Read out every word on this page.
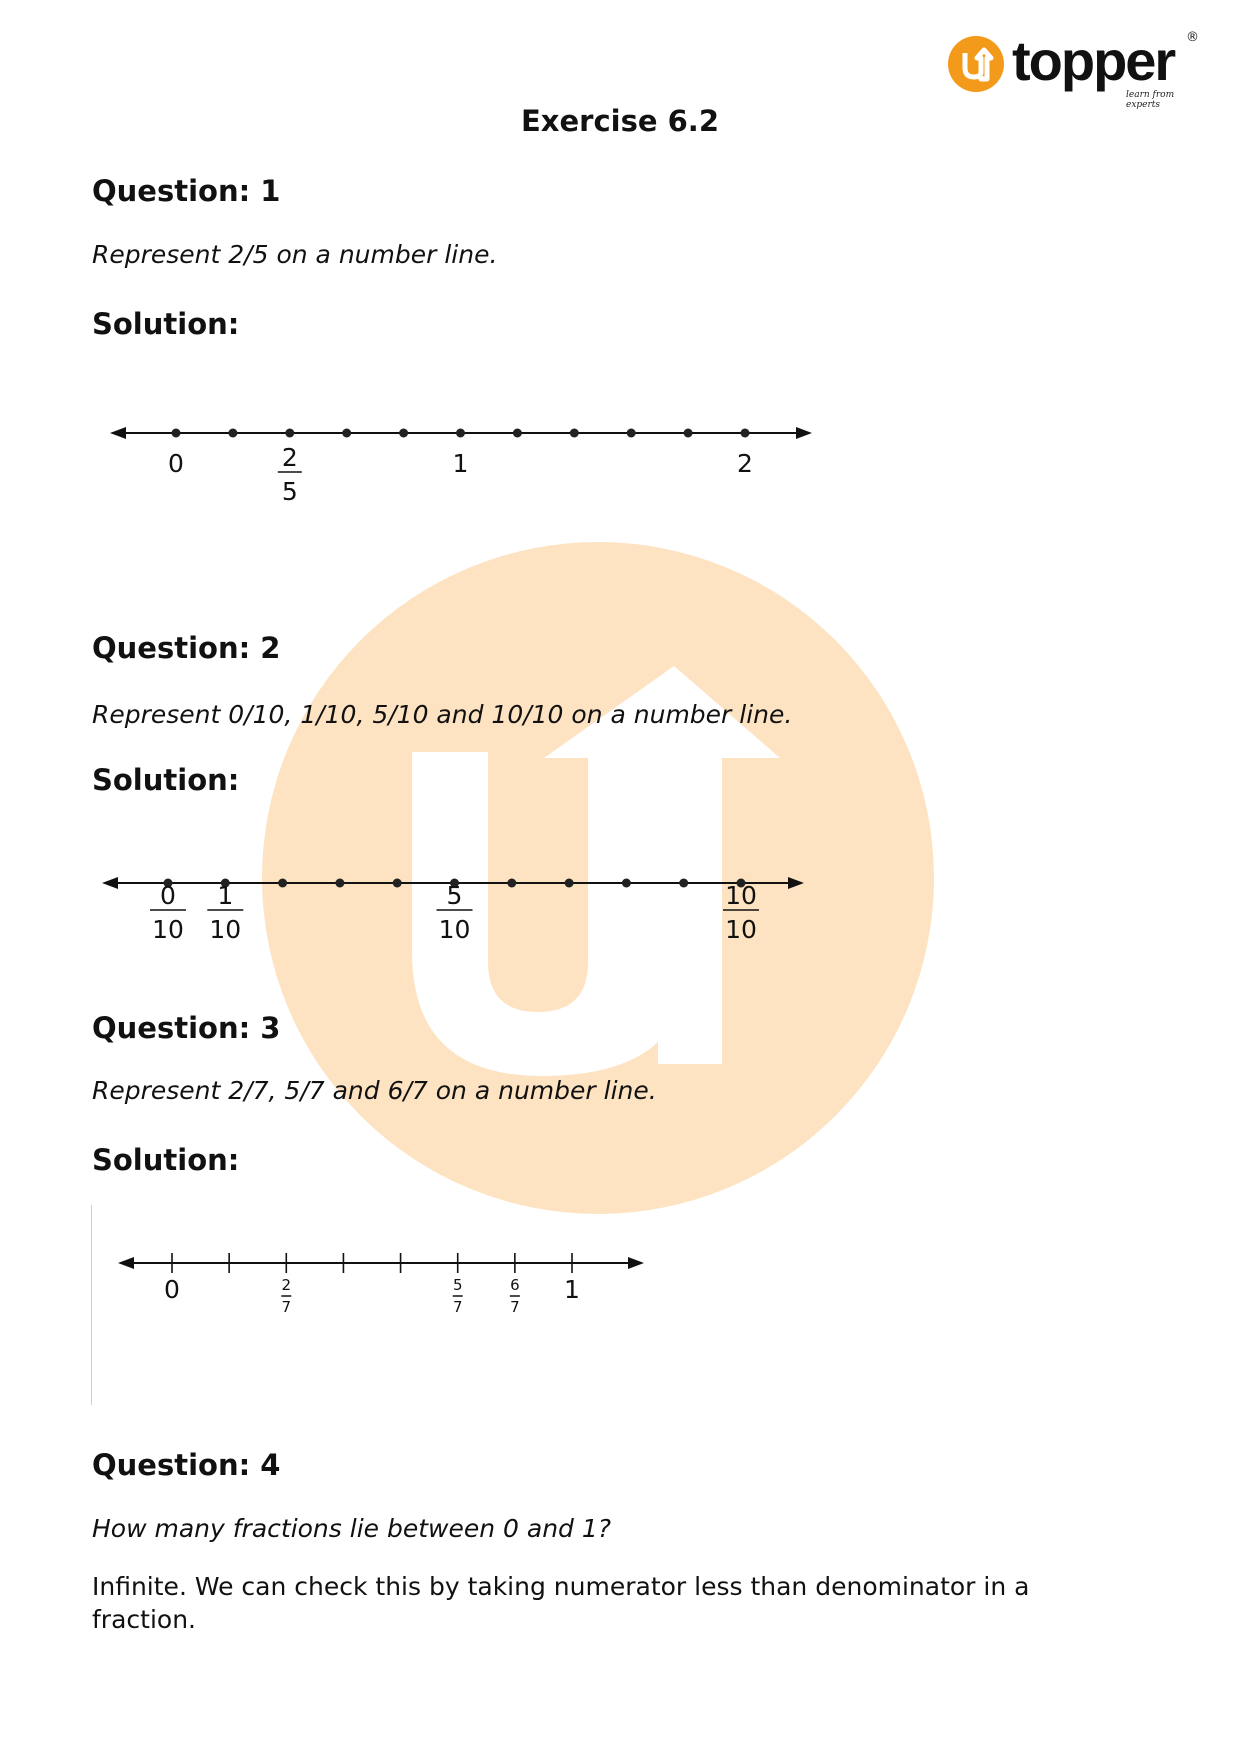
topper ®
learn from experts
Exercise 6.2
Question: 1
Represent 2/5 on a number line.
Solution:
0	2
5
1	2
Question: 2
Represent 0/10, 1/10, 5/10 and 10/10 on a number line.
Solution:
0
10
1
10
5
10
10
10
Question: 3
Represent 2/7, 5/7 and 6/7 on a number line.
Solution:
0	2
7
5
7
6
7
1
Question: 4
How many fractions lie between 0 and 1?
Infinite. We can check this by taking numerator less than denominator in a fraction.
